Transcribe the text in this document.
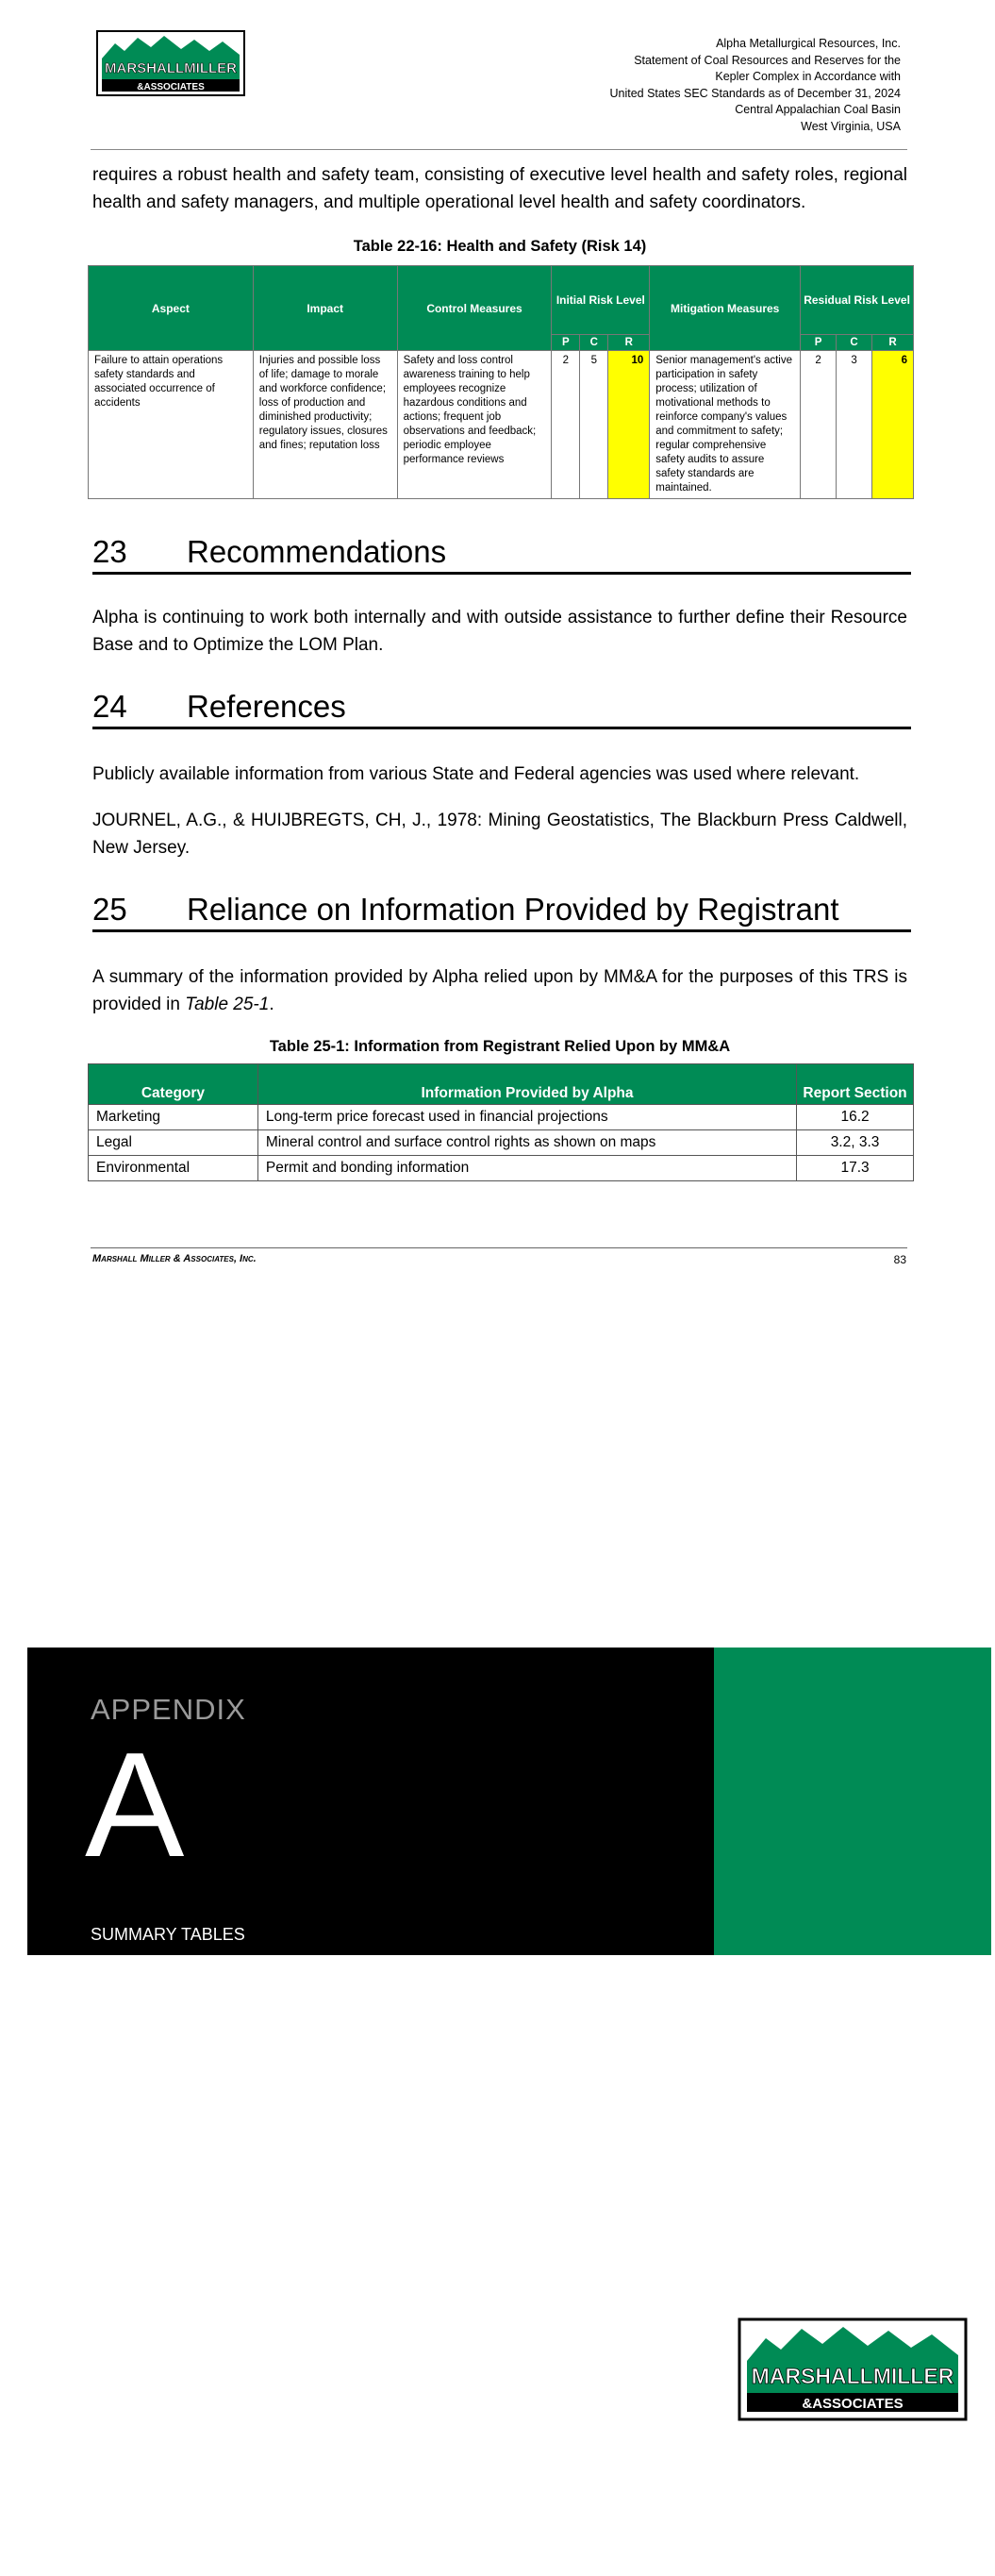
MARSHALLMILLER
&ASSOCIATES
Alpha Metallurgical Resources, Inc.
Statement of Coal Resources and Reserves for the
Kepler Complex in Accordance with
United States SEC Standards as of December 31, 2024
Central Appalachian Coal Basin
West Virginia, USA
requires a robust health and safety team, consisting of executive level health and safety roles, regional health and safety managers, and multiple operational level health and safety coordinators.
Table 22-16: Health and Safety (Risk 14)
Aspect	Impact	Control Measures	Initial Risk Level			Mitigation Measures	Residual Risk Level		
			P	C	R		P	C	R
Failure to attain operations safety standards and associated occurrence of accidents	Injuries and possible loss of life; damage to morale and workforce confidence; loss of production and diminished productivity; regulatory issues, closures and fines; reputation loss	Safety and loss control awareness training to help employees recognize hazardous conditions and actions; frequent job observations and feedback; periodic employee performance reviews	2	5	10	Senior management's active participation in safety process; utilization of motivational methods to reinforce company's values and commitment to safety; regular comprehensive safety audits to assure safety standards are maintained.	2	3	6
23 Recommendations
Alpha is continuing to work both internally and with outside assistance to further define their Resource Base and to Optimize the LOM Plan.
24 References
Publicly available information from various State and Federal agencies was used where relevant.
JOURNEL, A.G., & HUIJBREGTS, CH, J., 1978: Mining Geostatistics, The Blackburn Press Caldwell, New Jersey.
25 Reliance on Information Provided by Registrant
A summary of the information provided by Alpha relied upon by MM&A for the purposes of this TRS is provided in Table 25-1.
Table 25-1: Information from Registrant Relied Upon by MM&A
Category	Information Provided by Alpha	Report Section
Marketing	Long-term price forecast used in financial projections	16.2
Legal	Mineral control and surface control rights as shown on maps	3.2, 3.3
Environmental	Permit and bonding information	17.3
Marshall Miller & Associates, Inc.	83
APPENDIX
A
SUMMARY TABLES
MARSHALLMILLER
&ASSOCIATES
